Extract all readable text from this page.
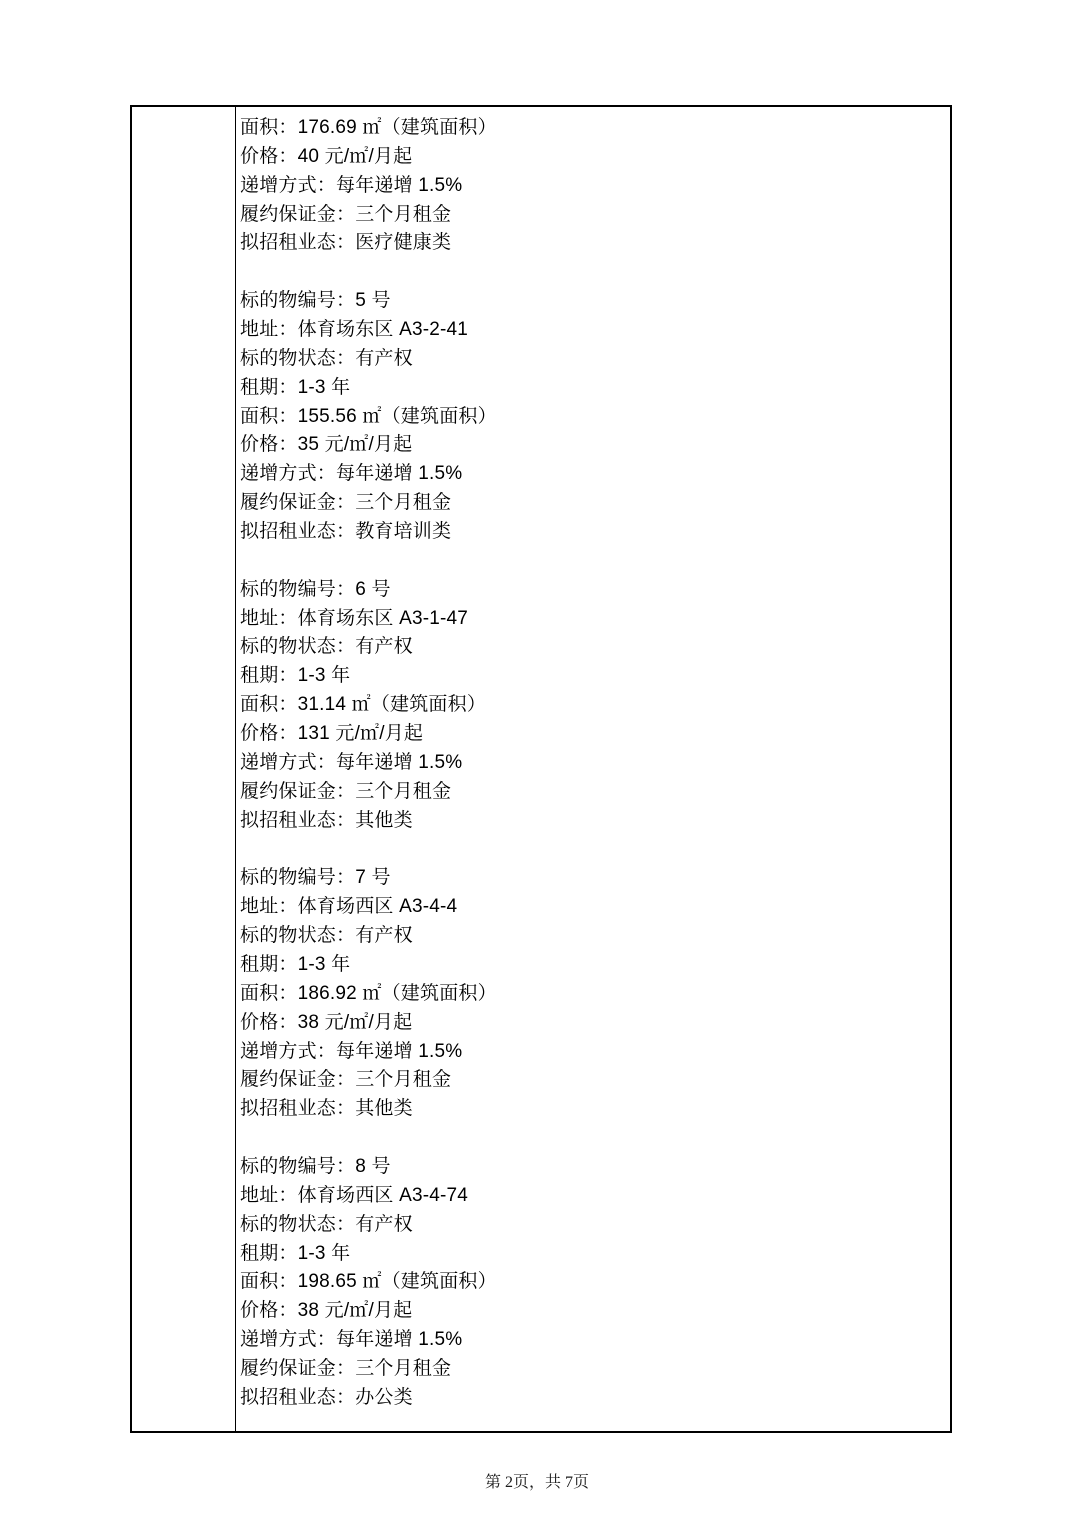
面积：176.69 ㎡（建筑面积）
价格：40 元/㎡/月起
递增方式：每年递增 1.5%
履约保证金：三个月租金
拟招租业态：医疗健康类
标的物编号：5 号
地址：体育场东区 A3-2-41
标的物状态：有产权
租期：1-3 年
面积：155.56 ㎡（建筑面积）
价格：35 元/㎡/月起
递增方式：每年递增 1.5%
履约保证金：三个月租金
拟招租业态：教育培训类
标的物编号：6 号
地址：体育场东区 A3-1-47
标的物状态：有产权
租期：1-3 年
面积：31.14 ㎡（建筑面积）
价格：131 元/㎡/月起
递增方式：每年递增 1.5%
履约保证金：三个月租金
拟招租业态：其他类
标的物编号：7 号
地址：体育场西区 A3-4-4
标的物状态：有产权
租期：1-3 年
面积：186.92 ㎡（建筑面积）
价格：38 元/㎡/月起
递增方式：每年递增 1.5%
履约保证金：三个月租金
拟招租业态：其他类
标的物编号：8 号
地址：体育场西区 A3-4-74
标的物状态：有产权
租期：1-3 年
面积：198.65 ㎡（建筑面积）
价格：38 元/㎡/月起
递增方式：每年递增 1.5%
履约保证金：三个月租金
拟招租业态：办公类
第 2页，共 7页
